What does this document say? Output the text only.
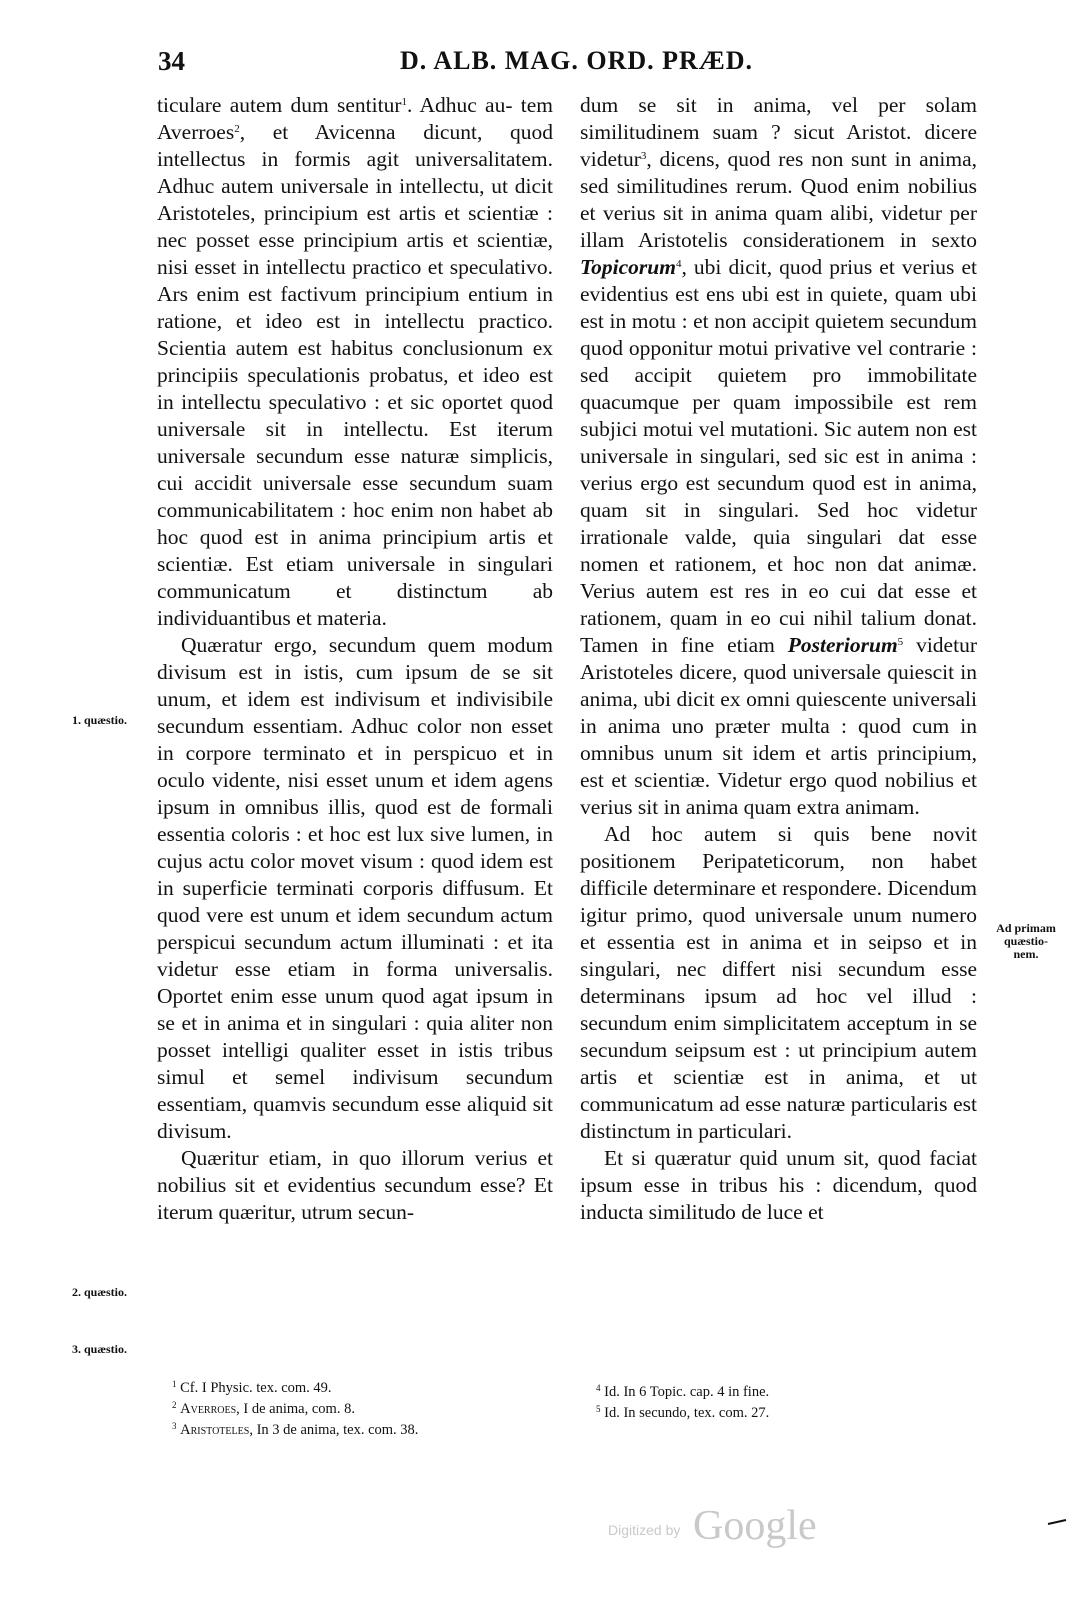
34	D. ALB. MAG. ORD. PRÆD.

ticulare autem dum sentitur$^1$. Adhuc au- tem Averroes$^2$, et Avicenna dicunt, quod intellectus in formis agit universalitatem. Adhuc autem universale in intellectu, ut dicit Aristoteles, principium est artis et scientiæ : nec posset esse principium artis et scientiæ, nisi esset in intellectu practico et speculativo. Ars enim est factivum principium entium in ratione, et ideo est in intellectu practico. Scientia autem est habitus conclusionum ex principiis speculationis probatus, et ideo est in intellectu speculativo : et sic oportet quod universale sit in intellectu. Est iterum universale secundum esse naturæ simplicis, cui accidit universale esse secundum suam communicabilitatem : hoc enim non habet ab hoc quod est in anima principium artis et scientiæ. Est etiam universale in singulari communicatum et distinctum ab individuantibus et materia.

Quæratur ergo, secundum quem modum divisum est in istis, cum ipsum de se sit unum, et idem est indivisum et indivisibile secundum essentiam. Adhuc color non esset in corpore terminato et in perspicuo et in oculo vidente, nisi esset unum et idem agens ipsum in omnibus illis, quod est de formali essentia coloris : et hoc est lux sive lumen, in cujus actu color movet visum : quod idem est in superficie terminati corporis diffusum. Et quod vere est unum et idem secundum actum perspicui secundum actum illuminati : et ita videtur esse etiam in forma universalis. Oportet enim esse unum quod agat ipsum in se et in anima et in singulari : quia aliter non posset intelligi qualiter esset in istis tribus simul et semel indivisum secundum essentiam, quamvis secundum esse aliquid sit divisum.

Quæritur etiam, in quo illorum verius et nobilius sit et evidentius secundum esse? Et iterum quæritur, utrum secun-

dum se sit in anima, vel per solam similitudinem suam ? sicut Aristot. dicere videtur$^3$, dicens, quod res non sunt in anima, sed similitudines rerum. Quod enim nobilius et verius sit in anima quam alibi, videtur per illam Aristotelis considerationem in sexto Topicorum$^4$, ubi dicit, quod prius et verius et evidentius est ens ubi est in quiete, quam ubi est in motu : et non accipit quietem secundum quod opponitur motui privative vel contrarie : sed accipit quietem pro immobilitate quacumque per quam impossibile est rem subjici motui vel mutationi. Sic autem non est universale in singulari, sed sic est in anima : verius ergo est secundum quod est in anima, quam sit in singulari. Sed hoc videtur irrationale valde, quia singulari dat esse nomen et rationem, et hoc non dat animæ. Verius autem est res in eo cui dat esse et rationem, quam in eo cui nihil talium donat. Tamen in fine etiam Posteriorum$^5$ videtur Aristoteles dicere, quod universale quiescit in anima, ubi dicit ex omni quiescente universali in anima uno præter multa : quod cum in omnibus unum sit idem et artis principium, est et scientiæ. Videtur ergo quod nobilius et verius sit in anima quam extra animam.

Ad hoc autem si quis bene novit positionem Peripateticorum, non habet difficile determinare et respondere. Dicendum igitur primo, quod universale unum numero et essentia est in anima et in seipso et in singulari, nec differt nisi secundum esse determinans ipsum ad hoc vel illud : secundum enim simplicitatem acceptum in se secundum seipsum est : ut principium autem artis et scientiæ est in anima, et ut communicatum ad esse naturæ particularis est distinctum in particulari.

Et si quæratur quid unum sit, quod faciat ipsum esse in tribus his : dicendum, quod inducta similitudo de luce et

1. quæstio.
2. quæstio.
3. quæstio.
Ad primam
quæstio-
nem.
$^1$ Cf. I Physic. tex. com. 49.
$^2$ Averroes, I de anima, com. 8.
$^3$ Aristoteles, In 3 de anima, tex. com. 38.
$^4$ Id. In 6 Topic. cap. 4 in fine.
$^5$ Id. In secundo, tex. com. 27.
Digitized by Google
